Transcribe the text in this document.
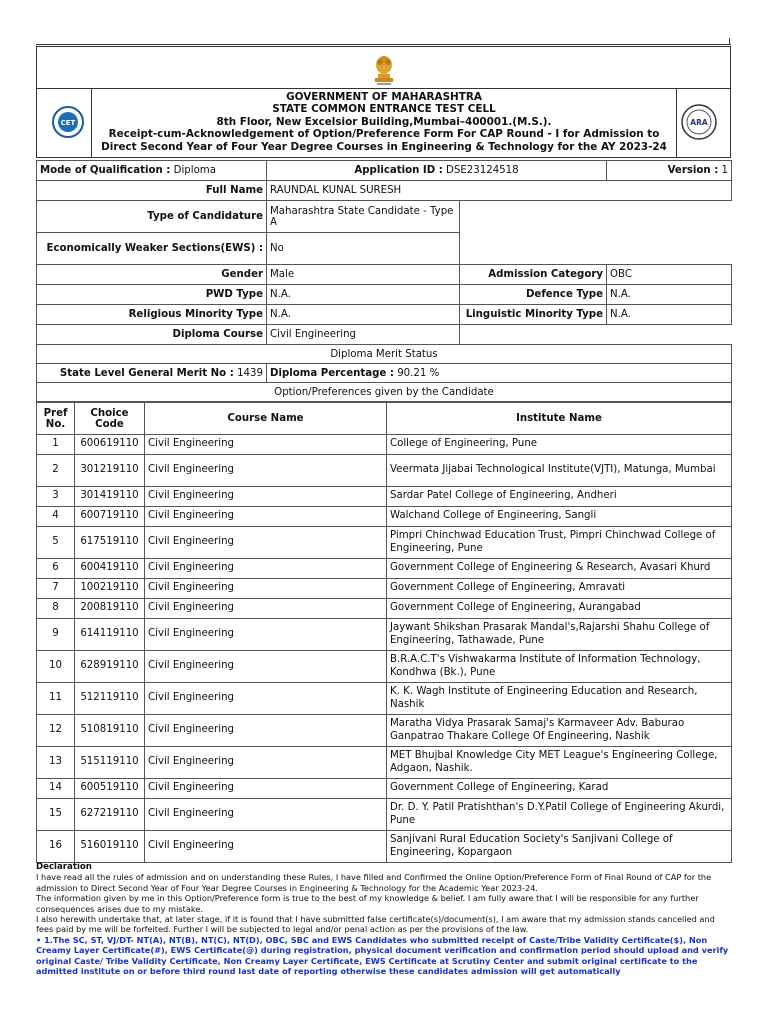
CET	ARA
GOVERNMENT OF MAHARASHTRA
STATE COMMON ENTRANCE TEST CELL
8th Floor, New Excelsior Building,Mumbai–400001.(M.S.).
Receipt-cum-Acknowledgement of Option/Preference Form For CAP Round - I for Admission to
Direct Second Year of Four Year Degree Courses in Engineering & Technology for the AY 2023-24
Mode of Qualification : Diploma	Application ID : DSE23124518		Version : 1
Full Name	RAUNDAL KUNAL SURESH		
Type of Candidature	Maharashtra State Candidate - Type A		
Economically Weaker Sections(EWS) :	No		
Gender	Male	Admission Category	OBC
PWD Type	N.A.	Defence Type	N.A.
Religious Minority Type	N.A.	Linguistic Minority Type	N.A.
Diploma Course	Civil Engineering		
Diploma Merit Status			
State Level General Merit No : 1439	Diploma Percentage : 90.21 %		
Option/Preferences given by the Candidate			
Pref No.	Choice Code	Course Name	Institute Name
1	600619110	Civil Engineering	College of Engineering, Pune
2	301219110	Civil Engineering	Veermata Jijabai Technological Institute(VJTI), Matunga, Mumbai
3	301419110	Civil Engineering	Sardar Patel College of Engineering, Andheri
4	600719110	Civil Engineering	Walchand College of Engineering, Sangli
5	617519110	Civil Engineering	Pimpri Chinchwad Education Trust, Pimpri Chinchwad College of Engineering, Pune
6	600419110	Civil Engineering	Government College of Engineering & Research, Avasari Khurd
7	100219110	Civil Engineering	Government College of Engineering, Amravati
8	200819110	Civil Engineering	Government College of Engineering, Aurangabad
9	614119110	Civil Engineering	Jaywant Shikshan Prasarak Mandal's,Rajarshi Shahu College of Engineering, Tathawade, Pune
10	628919110	Civil Engineering	B.R.A.C.T's Vishwakarma Institute of Information Technology, Kondhwa (Bk.), Pune
11	512119110	Civil Engineering	K. K. Wagh Institute of Engineering Education and Research, Nashik
12	510819110	Civil Engineering	Maratha Vidya Prasarak Samaj's Karmaveer Adv. Baburao Ganpatrao Thakare College Of Engineering, Nashik
13	515119110	Civil Engineering	MET Bhujbal Knowledge City MET League's Engineering College, Adgaon, Nashik.
14	600519110	Civil Engineering	Government College of Engineering, Karad
15	627219110	Civil Engineering	Dr. D. Y. Patil Pratishthan's D.Y.Patil College of Engineering Akurdi, Pune
16	516019110	Civil Engineering	Sanjivani Rural Education Society's Sanjivani College of Engineering, Kopargaon
Declaration
I have read all the rules of admission and on understanding these Rules, I have filled and Confirmed the Online Option/Preference Form of Final Round of CAP for the admission to Direct Second Year of Four Year Degree Courses in Engineering & Technology for the Academic Year 2023-24.
The information given by me in this Option/Preference form is true to the best of my knowledge & belief. I am fully aware that I will be responsible for any further consequences arises due to my mistake.
I also herewith undertake that, at later stage, if it is found that I have submitted false certificate(s)/document(s), I am aware that my admission stands cancelled and fees paid by me will be forfeited. Further I will be subjected to legal and/or penal action as per the provisions of the law.
• 1.The SC, ST, VJ/DT- NT(A), NT(B), NT(C), NT(D), OBC, SBC and EWS Candidates who submitted receipt of Caste/Tribe Validity Certificate($), Non Creamy Layer Certificate(#), EWS Certificate(@) during registration, physical document verification and confirmation period should upload and verify original Caste/ Tribe Validity Certificate, Non Creamy Layer Certificate, EWS Certificate at Scrutiny Center and submit original certificate to the admitted institute on or before third round last date of reporting otherwise these candidates admission will get automatically
